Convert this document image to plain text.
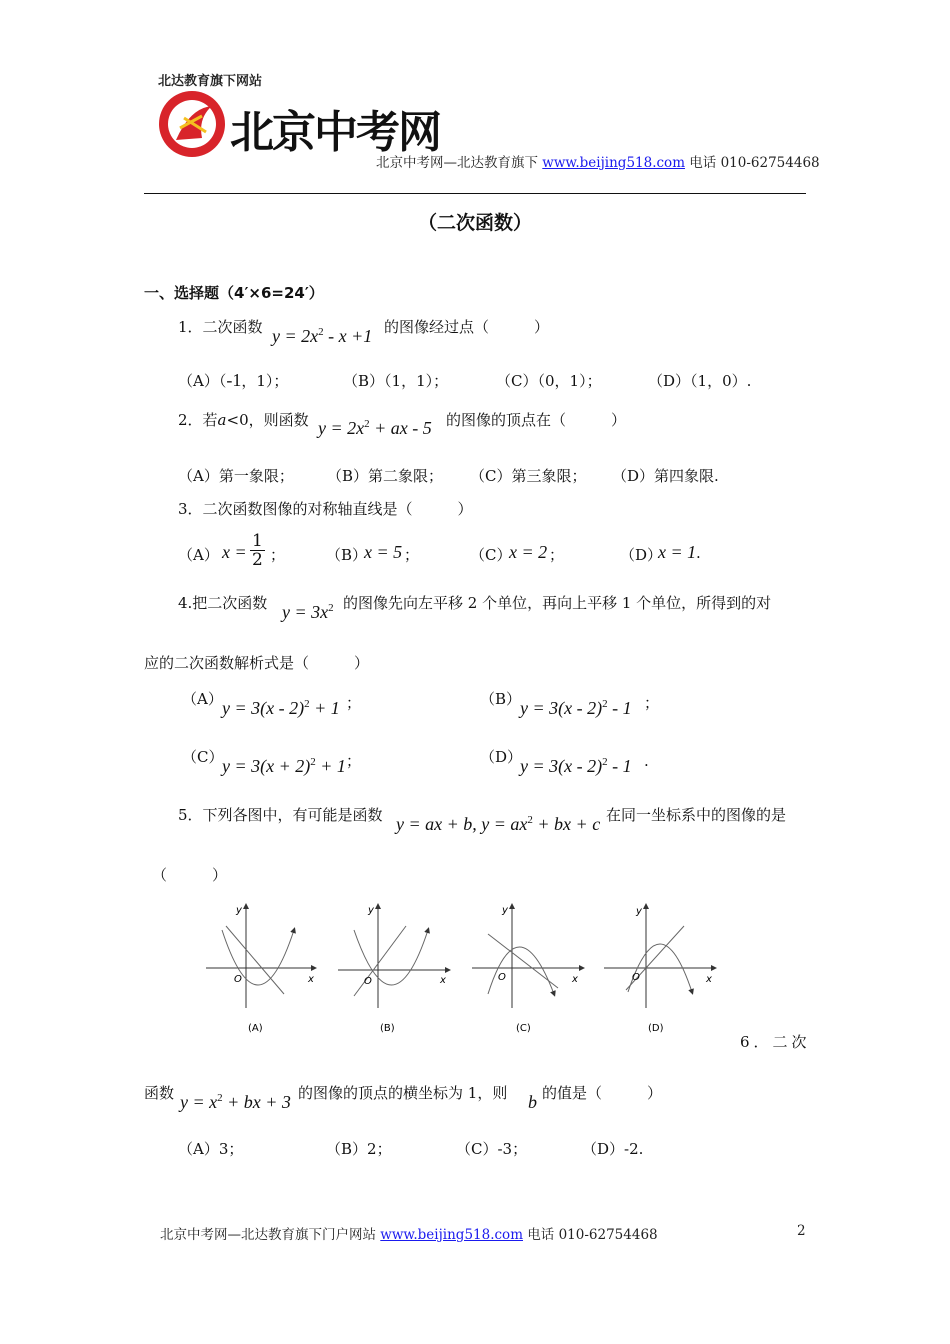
北达教育旗下网站
北京中考网
北京中考网—北达教育旗下 www.beijing518.com 电话 010-62754468
（二次函数）
一、选择题（4′×6=24′）
1．二次函数 $y = 2x^2 - x +1$ 的图像经过点（　　　）
（A）（-1，1）；	（B）（1，1）；	（C）（0，1）；	（D）（1，0）.
2．若a<0，则函数 $y = 2x^2$ + ax - 5 的图像的顶点在（　　　）
（A）第一象限； （B）第二象限； （C）第三象限； （D）第四象限.
3．二次函数图像的对称轴直线是（　　　）
（A） $x = \frac{1}{2}$ ；	（B）
x = 5 ；	（C）
x = 2 ；	（D）
x = 1 .
4.把二次函数 $y = 3x^2$ 的图像先向左平移 2 个单位，再向上平移 1 个单位，所得到的对
应的二次函数解析式是（　　　）
（A） y = 3(x - 2)$^2$ + 1 ；	（B）
y = 3(x - 2)$^2$ - 1 ；
（C）
$y = 3(x + 2)^2 + 1$ ；	（D）
y = 3(x - 2)$^2$ - 1 .
5．下列各图中，有可能是函数 y = ax + b, $y = ax^2$ + bx + c 在同一坐标系中的图像的是
（　　　）
y
x
O
(A)
y
x
O
(B)
y
x
O
(C)
y
x
O
(D)
6．二次
函数 $y = x^2$ + bx + 3 的图像的顶点的横坐标为 1，则 b 的值是（　　　）
（A）3；	（B）2；	（C）-3；	（D）-2.
北京中考网—北达教育旗下门户网站 www.beijing518.com 电话 010-62754468	2
